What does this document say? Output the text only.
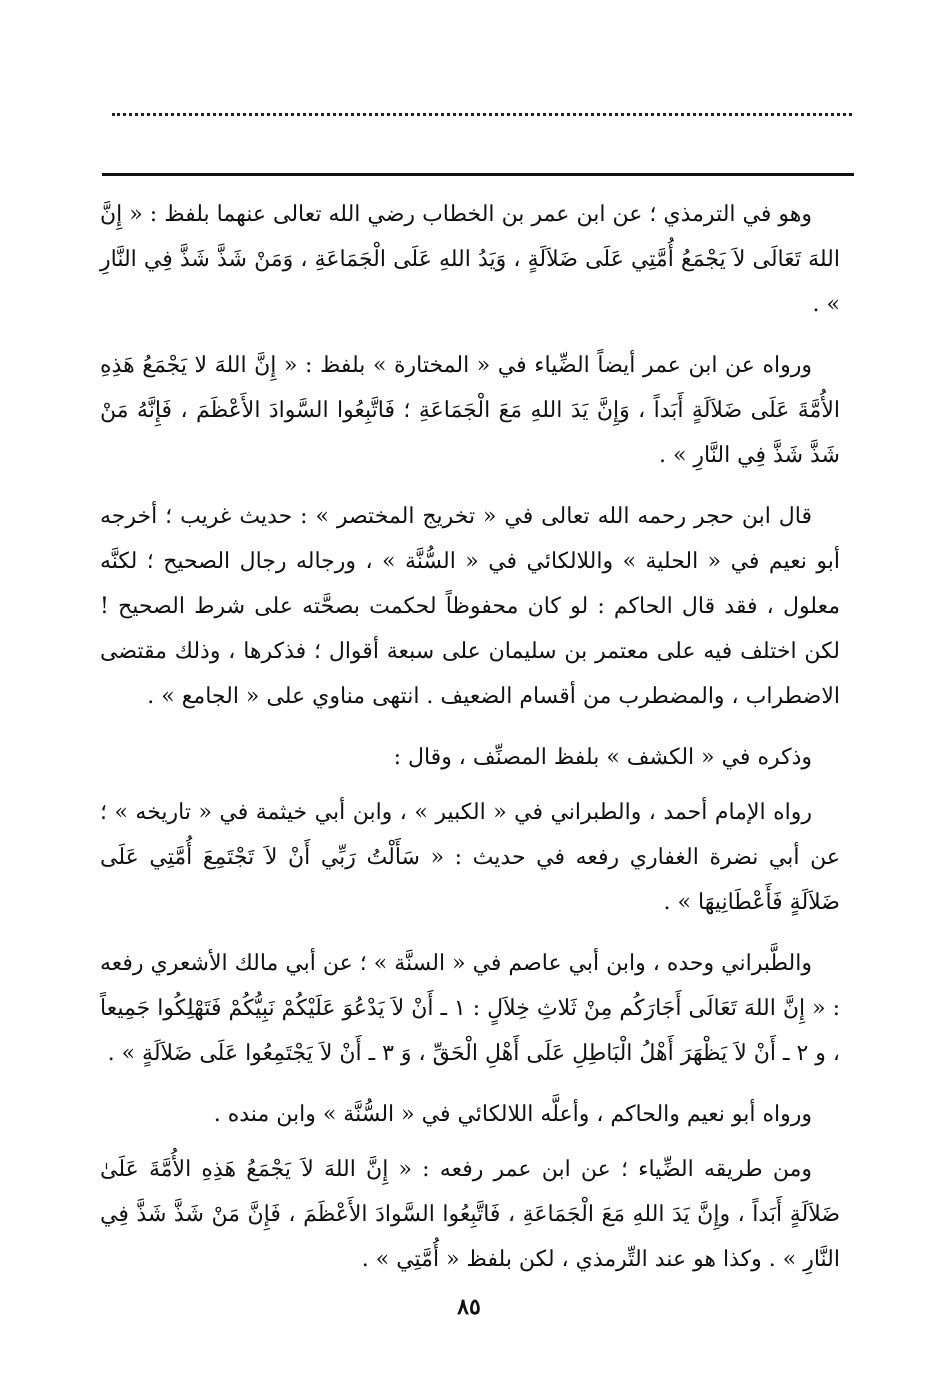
وهو في الترمذي ؛ عن ابن عمر بن الخطاب رضي الله تعالى عنهما بلفظ : « إِنَّ اللهَ تَعَالَى لاَ يَجْمَعُ أُمَّتِي عَلَى ضَلاَلَةٍ ، وَيَدُ اللهِ عَلَى الْجَمَاعَةِ ، وَمَنْ شَذَّ شَذَّ فِي النَّارِ » .

ورواه عن ابن عمر أيضاً الضِّياء في « المختارة » بلفظ : « إِنَّ اللهَ لا يَجْمَعُ هَذِهِ الأُمَّةَ عَلَى ضَلاَلَةٍ أَبَداً ، وَإِنَّ يَدَ اللهِ مَعَ الْجَمَاعَةِ ؛ فَاتَّبِعُوا السَّوادَ الأَعْظَمَ ، فَإِنَّهُ مَنْ شَذَّ شَذَّ فِي النَّارِ » .

قال ابن حجر رحمه الله تعالى في « تخريج المختصر » : حديث غريب ؛ أخرجه أبو نعيم في « الحلية » واللالكائي في « السُّنَّة » ، ورجاله رجال الصحيح ؛ لكنَّه معلول ، فقد قال الحاكم : لو كان محفوظاً لحكمت بصحَّته على شرط الصحيح ! لكن اختلف فيه على معتمر بن سليمان على سبعة أقوال ؛ فذكرها ، وذلك مقتضى الاضطراب ، والمضطرب من أقسام الضعيف . انتهى مناوي على « الجامع » .

وذكره في « الكشف » بلفظ المصنِّف ، وقال :

رواه الإمام أحمد ، والطبراني في « الكبير » ، وابن أبي خيثمة في « تاريخه » ؛ عن أبي نضرة الغفاري رفعه في حديث : « سَأَلْتُ رَبِّي أَنْ لاَ تَجْتَمِعَ أُمَّتِي عَلَى ضَلاَلَةٍ فَأَعْطَانِيهَا » .

والطَّبراني وحده ، وابن أبي عاصم في « السنَّة » ؛ عن أبي مالك الأشعري رفعه : « إِنَّ اللهَ تَعَالَى أَجَارَكُم مِنْ ثَلاثِ خِلاَلٍ : ١ ـ أَنْ لاَ يَدْعُوَ عَلَيْكُمْ نَبِيُّكُمْ فَتَهْلِكُوا جَمِيعاً ، و ٢ ـ أَنْ لاَ يَظْهَرَ أَهْلُ الْبَاطِلِ عَلَى أَهْلِ الْحَقِّ ، وَ ٣ ـ أَنْ لاَ يَجْتَمِعُوا عَلَى ضَلاَلَةٍ » .

ورواه أبو نعيم والحاكم ، وأعلَّه اللالكائي في « السُّنَّة » وابن منده .

ومن طريقه الضِّياء ؛ عن ابن عمر رفعه : « إِنَّ اللهَ لاَ يَجْمَعُ هَذِهِ الأُمَّةَ عَلَىٰ ضَلاَلَةٍ أَبَداً ، وإِنَّ يَدَ اللهِ مَعَ الْجَمَاعَةِ ، فَاتَّبِعُوا السَّوادَ الأَعْظَمَ ، فَإِنَّ مَنْ شَذَّ شَذَّ فِي النَّارِ » . وكذا هو عند التِّرمذي ، لكن بلفظ « أُمَّتِي » .

٨٥
